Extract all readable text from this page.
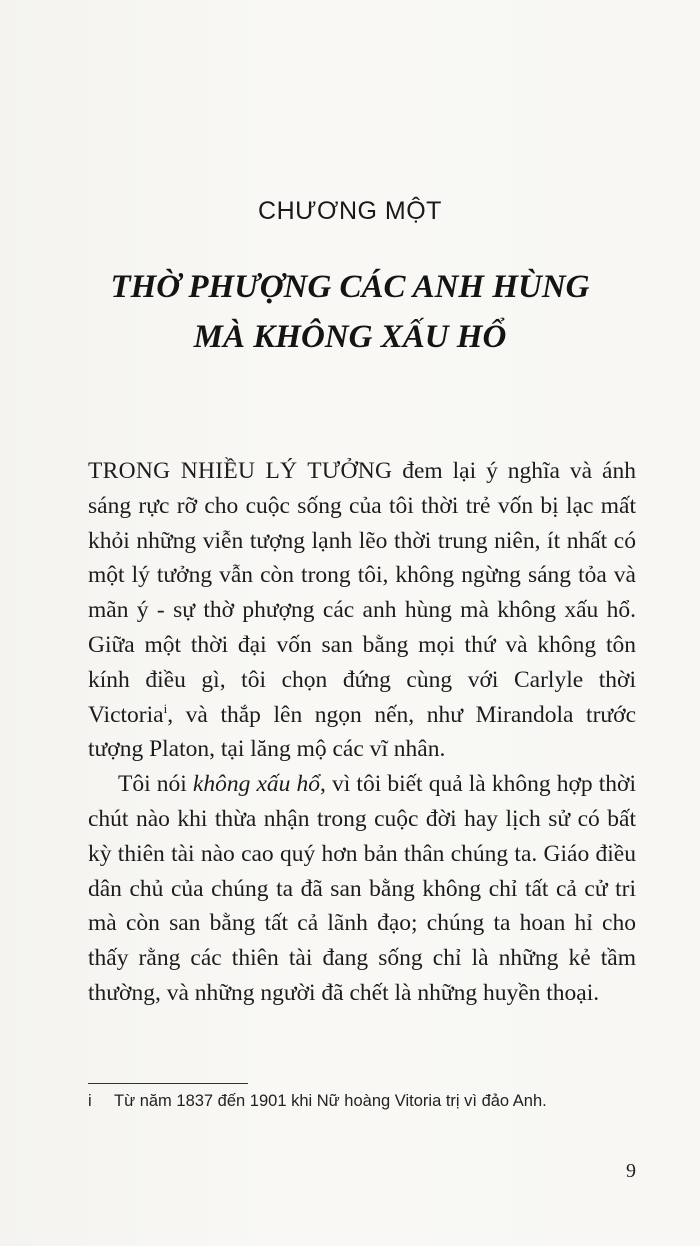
CHƯƠNG MỘT
THỜ PHƯỢNG CÁC ANH HÙNG
MÀ KHÔNG XẤU HỔ

TRONG NHIỀU LÝ TƯỞNG đem lại ý nghĩa và ánh sáng rực rỡ cho cuộc sống của tôi thời trẻ vốn bị lạc mất khỏi những viễn tượng lạnh lẽo thời trung niên, ít nhất có một lý tưởng vẫn còn trong tôi, không ngừng sáng tỏa và mãn ý - sự thờ phượng các anh hùng mà không xấu hổ. Giữa một thời đại vốn san bằng mọi thứ và không tôn kính điều gì, tôi chọn đứng cùng với Carlyle thời Victoria$^i$, và thắp lên ngọn nến, như Mirandola trước tượng Platon, tại lăng mộ các vĩ nhân.

Tôi nói không xấu hổ, vì tôi biết quả là không hợp thời chút nào khi thừa nhận trong cuộc đời hay lịch sử có bất kỳ thiên tài nào cao quý hơn bản thân chúng ta. Giáo điều dân chủ của chúng ta đã san bằng không chỉ tất cả cử tri mà còn san bằng tất cả lãnh đạo; chúng ta hoan hỉ cho thấy rằng các thiên tài đang sống chỉ là những kẻ tầm thường, và những người đã chết là những huyền thoại.

i Từ năm 1837 đến 1901 khi Nữ hoàng Vitoria trị vì đảo Anh.
9
